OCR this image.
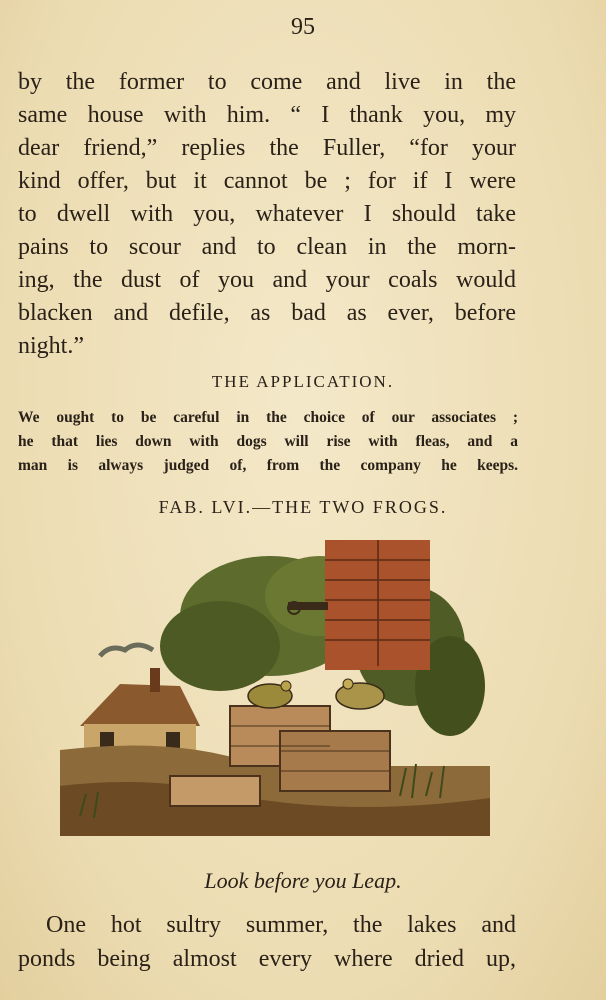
95
by the former to come and live in the
same house with him. “ I thank you, my
dear friend,” replies the Fuller, “for your
kind offer, but it cannot be ; for if I were
to dwell with you, whatever I should take
pains to scour and to clean in the morn-
ing, the dust of you and your coals would
blacken and defile, as bad as ever, before
night.”
THE APPLICATION.
We ought to be careful in the choice of our associates ;
he that lies down with dogs will rise with fleas, and a
man is always judged of, from the company he keeps.
FAB. LVI.—THE TWO FROGS.
Look before you Leap.
One hot sultry summer, the lakes and
ponds being almost every where dried up,
